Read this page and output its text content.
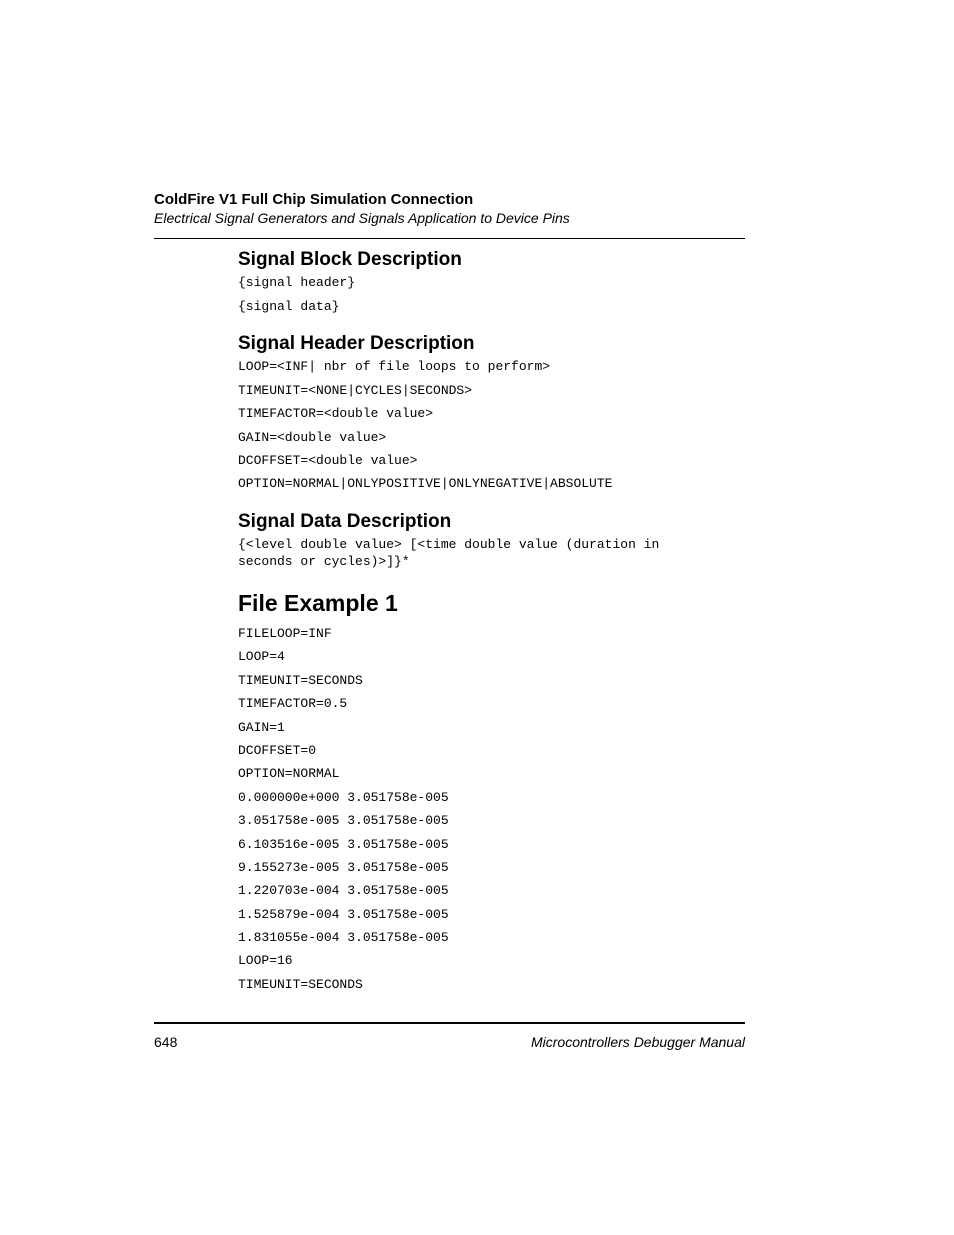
ColdFire V1 Full Chip Simulation Connection
Electrical Signal Generators and Signals Application to Device Pins
Signal Block Description
{signal header}
{signal data}
Signal Header Description
LOOP=<INF| nbr of file loops to perform>
TIMEUNIT=<NONE|CYCLES|SECONDS>
TIMEFACTOR=<double value>
GAIN=<double value>
DCOFFSET=<double value>
OPTION=NORMAL|ONLYPOSITIVE|ONLYNEGATIVE|ABSOLUTE
Signal Data Description
{<level double value> [<time double value (duration in
seconds or cycles)>]}*
File Example 1
FILELOOP=INF
LOOP=4
TIMEUNIT=SECONDS
TIMEFACTOR=0.5
GAIN=1
DCOFFSET=0
OPTION=NORMAL
0.000000e+000 3.051758e-005
3.051758e-005 3.051758e-005
6.103516e-005 3.051758e-005
9.155273e-005 3.051758e-005
1.220703e-004 3.051758e-005
1.525879e-004 3.051758e-005
1.831055e-004 3.051758e-005
LOOP=16
TIMEUNIT=SECONDS
648	Microcontrollers Debugger Manual
